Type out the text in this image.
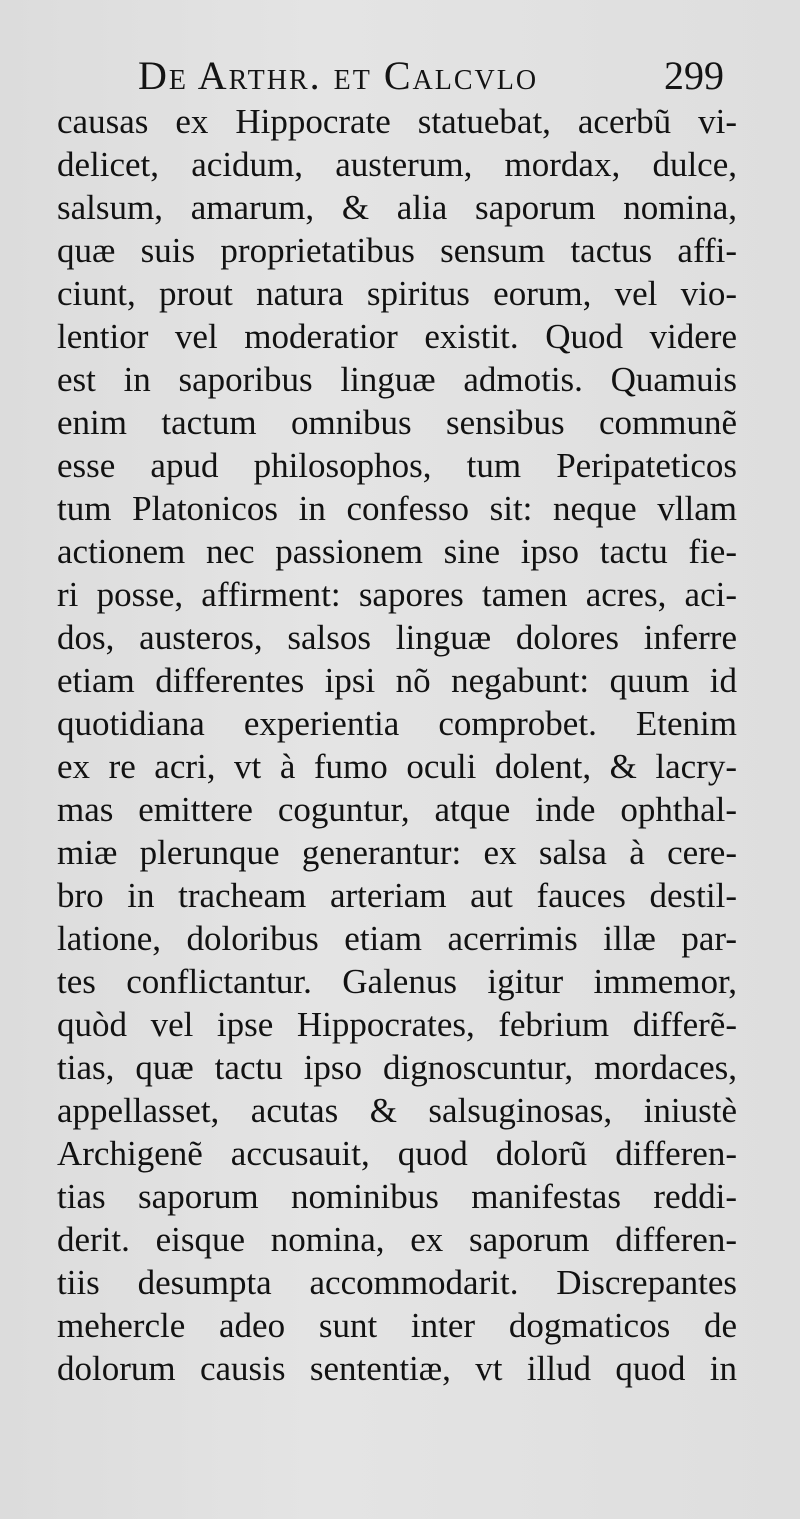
De Arthr. et Calcvlo	299
causas ex Hippocrate statuebat, acerbũ vi-
delicet, acidum, austerum, mordax, dulce,
salsum, amarum, & alia saporum nomina,
quæ suis proprietatibus sensum tactus affi-
ciunt, prout natura spiritus eorum, vel vio-
lentior vel moderatior existit. Quod videre
est in saporibus linguæ admotis. Quamuis
enim tactum omnibus sensibus communẽ
esse apud philosophos, tum Peripateticos
tum Platonicos in confesso sit: neque vllam
actionem nec passionem sine ipso tactu fie-
ri posse, affirment: sapores tamen acres, aci-
dos, austeros, salsos linguæ dolores inferre
etiam differentes ipsi nõ negabunt: quum id
quotidiana experientia comprobet. Etenim
ex re acri, vt à fumo oculi dolent, & lacry-
mas emittere coguntur, atque inde ophthal-
miæ plerunque generantur: ex salsa à cere-
bro in tracheam arteriam aut fauces destil-
latione, doloribus etiam acerrimis illæ par-
tes conflictantur. Galenus igitur immemor,
quòd vel ipse Hippocrates, febrium differẽ-
tias, quæ tactu ipso dignoscuntur, mordaces,
appellasset, acutas & salsuginosas, iniustè
Archigenẽ accusauit, quod dolorũ differen-
tias saporum nominibus manifestas reddi-
derit. eisque nomina, ex saporum differen-
tiis desumpta accommodarit. Discrepantes
mehercle adeo sunt inter dogmaticos de
dolorum causis sententiæ, vt illud quod in
